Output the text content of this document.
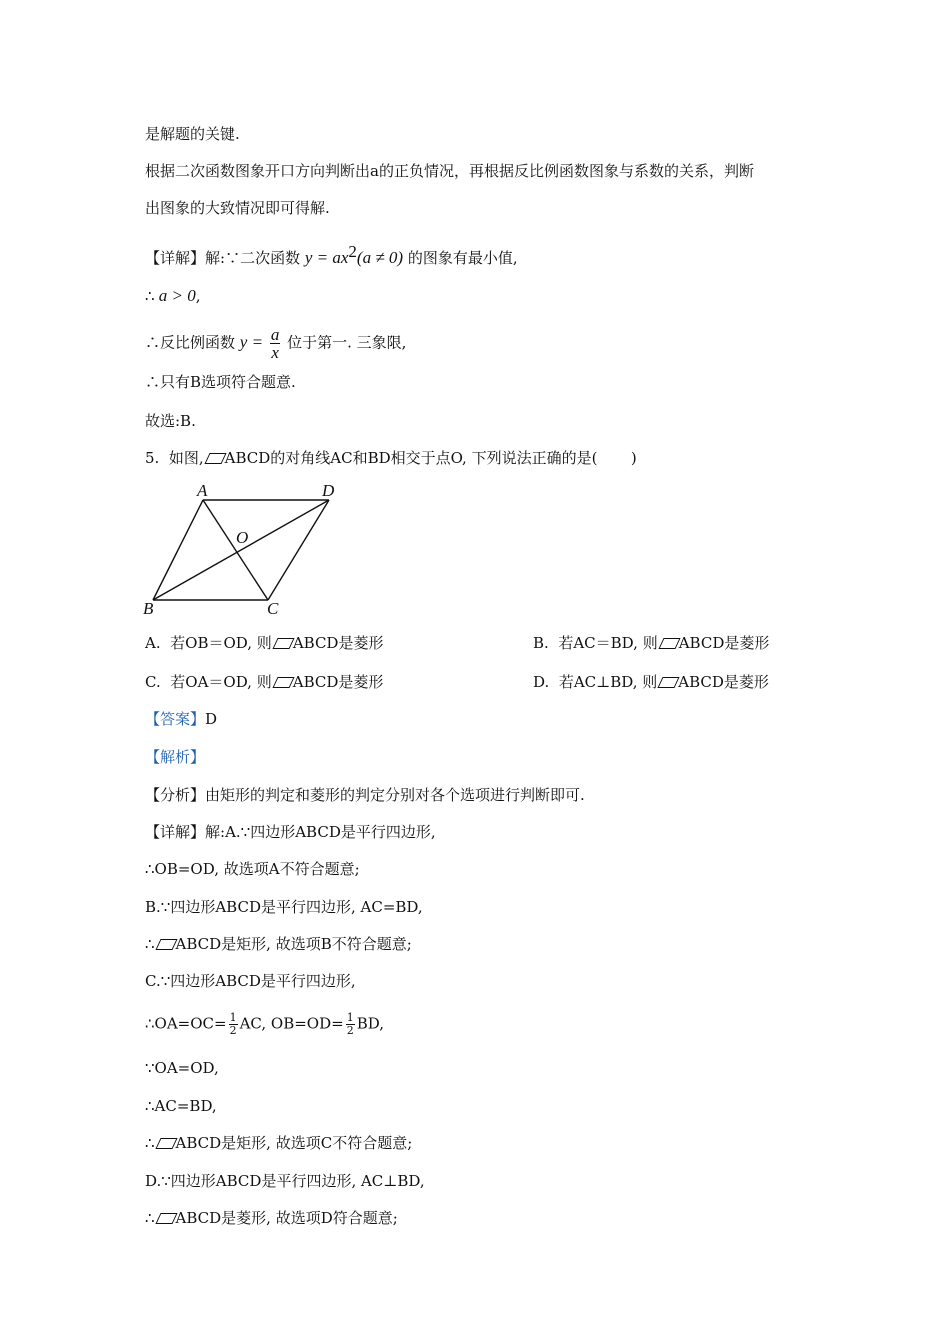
是解题的关键.
根据二次函数图象开口方向判断出a的正负情况，再根据反比例函数图象与系数的关系，判断
出图象的大致情况即可得解.
【详解】解:∵二次函数 $y = ax^2(a \ne 0)$ 的图象有最小值,
∴ a > 0,
∴反比例函数 $y = \frac{a}{x}$ 位于第一. 三象限,
∴只有B选项符合题意.
故选:B.
5. 如图, ABCD的对角线AC和BD相交于点O, 下列说法正确的是( )
A	D
B	C
O
A. 若OB＝OD, 则 ABCD是菱形	B. 若AC＝BD, 则 ABCD是菱形
C. 若OA＝OD, 则 ABCD是菱形	D. 若AC⊥BD, 则 ABCD是菱形
【答案】D
【解析】
【分析】由矩形的判定和菱形的判定分别对各个选项进行判断即可.
【详解】解:A.∵四边形ABCD是平行四边形,
∴OB=OD, 故选项A不符合题意;
B.∵四边形ABCD是平行四边形, AC=BD,
∴ ABCD是矩形, 故选项B不符合题意;
C.∵四边形ABCD是平行四边形,
∴OA=OC= $\frac{1}{2}$ AC, $OB=OD= \frac{1}{2}$ BD,
∵OA=OD,
∴AC=BD,
∴ ABCD是矩形, 故选项C不符合题意;
D.∵四边形ABCD是平行四边形, AC⊥BD,
∴ ABCD是菱形, 故选项D符合题意;
